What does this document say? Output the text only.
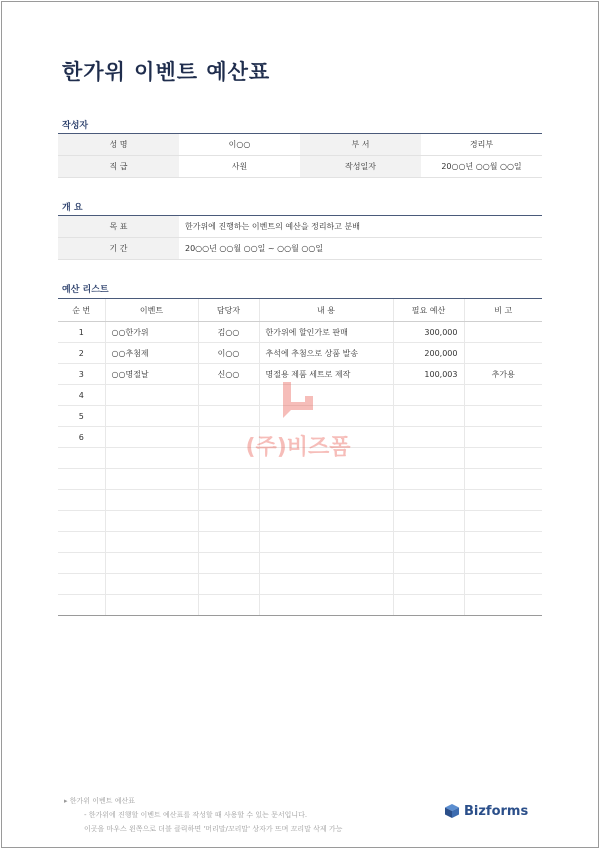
한가위 이벤트 예산표
작성자
성 명	이○○	부 서	경리부
직 급	사원	작성일자	20○○년 ○○월 ○○일
개 요
목 표	한가위에 진행하는 이벤트의 예산을 정리하고 분배
기 간	20○○년 ○○월 ○○일 ~ ○○월 ○○일
예산 리스트
순 번	이벤트	담당자	내 용	필요 예산	비 고
1	○○한가위	김○○	한가위에 할인가로 판매	300,000	
2	○○추첨제	이○○	추석에 추첨으로 상품 발송	200,000	
3	○○명절날	신○○	명절용 제품 세트로 제작	100,003	추가용
4					
5					
6					

						(주)비즈폼
▸ 한가위 이벤트 예산표
- 한가위에 진행할 이벤트 예산표를 작성할 때 사용할 수 있는 문서입니다.
이곳을 마우스 왼쪽으로 더블 클릭하면 '머리말/꼬리말' 상자가 뜨며 꼬리말 삭제 가능
Bizforms
